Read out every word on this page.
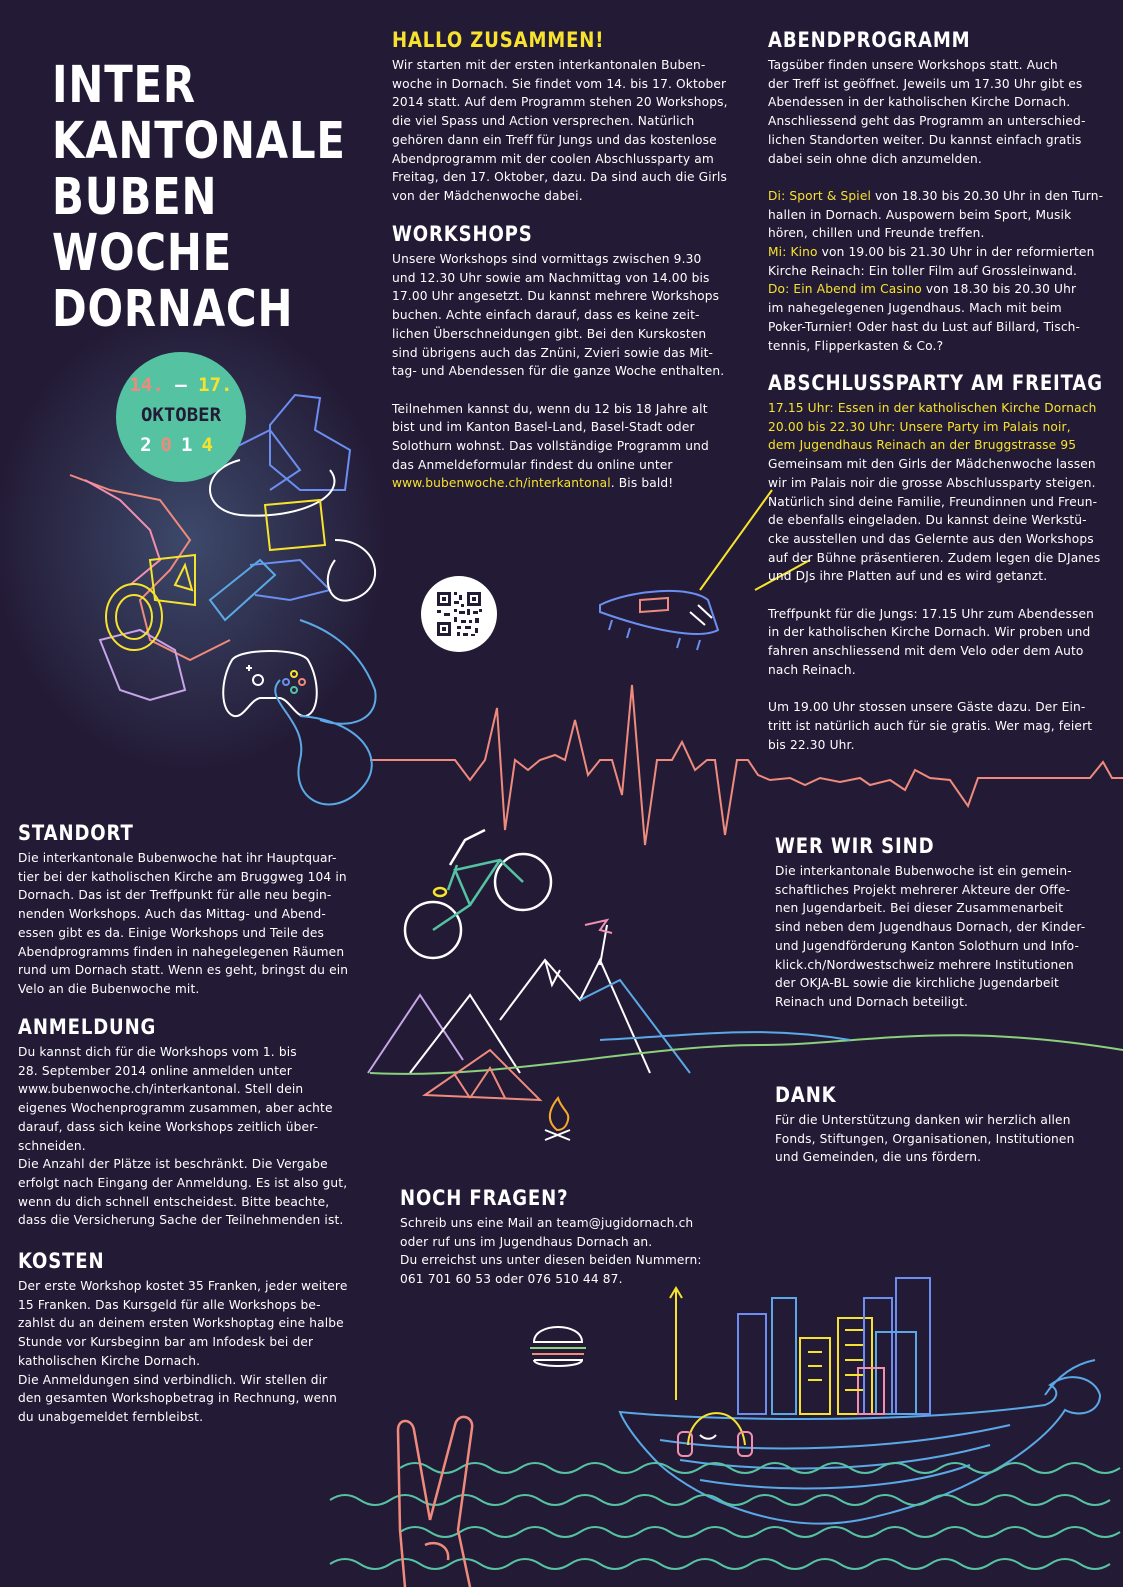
INTER
KANTONALE
BUBEN
WOCHE
DORNACH
14. — 17.
OKTOBER
2014
HALLO ZUSAMMEN!

Wir starten mit der ersten interkantonalen Buben-

woche in Dornach. Sie findet vom 14. bis 17. Oktober

2014 statt. Auf dem Programm stehen 20 Workshops,

die viel Spass und Action versprechen. Natürlich

gehören dann ein Treff für Jungs und das kostenlose

Abendprogramm mit der coolen Abschlussparty am

Freitag, den 17. Oktober, dazu. Da sind auch die Girls

von der Mädchenwoche dabei.

WORKSHOPS

Unsere Workshops sind vormittags zwischen 9.30

und 12.30 Uhr sowie am Nachmittag von 14.00 bis

17.00 Uhr angesetzt. Du kannst mehrere Workshops

buchen. Achte einfach darauf, dass es keine zeit-

lichen Überschneidungen gibt. Bei den Kurskosten

sind übrigens auch das Znüni, Zvieri sowie das Mit-

tag- und Abendessen für die ganze Woche enthalten.

Teilnehmen kannst du, wenn du 12 bis 18 Jahre alt

bist und im Kanton Basel-Land, Basel-Stadt oder

Solothurn wohnst. Das vollständige Programm und

das Anmeldeformular findest du online unter

www.bubenwoche.ch/interkantonal. Bis bald!

ABENDPROGRAMM

Tagsüber finden unsere Workshops statt. Auch

der Treff ist geöffnet. Jeweils um 17.30 Uhr gibt es

Abendessen in der katholischen Kirche Dornach.

Anschliessend geht das Programm an unterschied-

lichen Standorten weiter. Du kannst einfach gratis

dabei sein ohne dich anzumelden.

Di: Sport & Spiel von 18.30 bis 20.30 Uhr in den Turn-

hallen in Dornach. Auspowern beim Sport, Musik

hören, chillen und Freunde treffen.

Mi: Kino von 19.00 bis 21.30 Uhr in der reformierten

Kirche Reinach: Ein toller Film auf Grossleinwand.

Do: Ein Abend im Casino von 18.30 bis 20.30 Uhr

im nahegelegenen Jugendhaus. Mach mit beim

Poker-Turnier! Oder hast du Lust auf Billard, Tisch-

tennis, Flipperkasten & Co.?

ABSCHLUSSPARTY AM FREITAG

17.15 Uhr: Essen in der katholischen Kirche Dornach

20.00 bis 22.30 Uhr: Unsere Party im Palais noir,

dem Jugendhaus Reinach an der Bruggstrasse 95

Gemeinsam mit den Girls der Mädchenwoche lassen

wir im Palais noir die grosse Abschlussparty steigen.

Natürlich sind deine Familie, Freundinnen und Freun-

de ebenfalls eingeladen. Du kannst deine Werkstü-

cke ausstellen und das Gelernte aus den Workshops

auf der Bühne präsentieren. Zudem legen die DJanes

und DJs ihre Platten auf und es wird getanzt.

Treffpunkt für die Jungs: 17.15 Uhr zum Abendessen

in der katholischen Kirche Dornach. Wir proben und

fahren anschliessend mit dem Velo oder dem Auto

nach Reinach.

Um 19.00 Uhr stossen unsere Gäste dazu. Der Ein-

tritt ist natürlich auch für sie gratis. Wer mag, feiert

bis 22.30 Uhr.

STANDORT

Die interkantonale Bubenwoche hat ihr Hauptquar-

tier bei der katholischen Kirche am Bruggweg 104 in

Dornach. Das ist der Treffpunkt für alle neu begin-

nenden Workshops. Auch das Mittag- und Abend-

essen gibt es da. Einige Workshops und Teile des

Abendprogramms finden in nahegelegenen Räumen

rund um Dornach statt. Wenn es geht, bringst du ein

Velo an die Bubenwoche mit.

ANMELDUNG

Du kannst dich für die Workshops vom 1. bis

28. September 2014 online anmelden unter

www.bubenwoche.ch/interkantonal. Stell dein

eigenes Wochenprogramm zusammen, aber achte

darauf, dass sich keine Workshops zeitlich über-

schneiden.

Die Anzahl der Plätze ist beschränkt. Die Vergabe

erfolgt nach Eingang der Anmeldung. Es ist also gut,

wenn du dich schnell entscheidest. Bitte beachte,

dass die Versicherung Sache der Teilnehmenden ist.

KOSTEN

Der erste Workshop kostet 35 Franken, jeder weitere

15 Franken. Das Kursgeld für alle Workshops be-

zahlst du an deinem ersten Workshoptag eine halbe

Stunde vor Kursbeginn bar am Infodesk bei der

katholischen Kirche Dornach.

Die Anmeldungen sind verbindlich. Wir stellen dir

den gesamten Workshopbetrag in Rechnung, wenn

du unabgemeldet fernbleibst.

WER WIR SIND

Die interkantonale Bubenwoche ist ein gemein-

schaftliches Projekt mehrerer Akteure der Offe-

nen Jugendarbeit. Bei dieser Zusammenarbeit

sind neben dem Jugendhaus Dornach, der Kinder-

und Jugendförderung Kanton Solothurn und Info-

klick.ch/Nordwestschweiz mehrere Institutionen

der OKJA-BL sowie die kirchliche Jugendarbeit

Reinach und Dornach beteiligt.

DANK

Für die Unterstützung danken wir herzlich allen

Fonds, Stiftungen, Organisationen, Institutionen

und Gemeinden, die uns fördern.

NOCH FRAGEN?

Schreib uns eine Mail an team@jugidornach.ch

oder ruf uns im Jugendhaus Dornach an.

Du erreichst uns unter diesen beiden Nummern:

061 701 60 53 oder 076 510 44 87.
